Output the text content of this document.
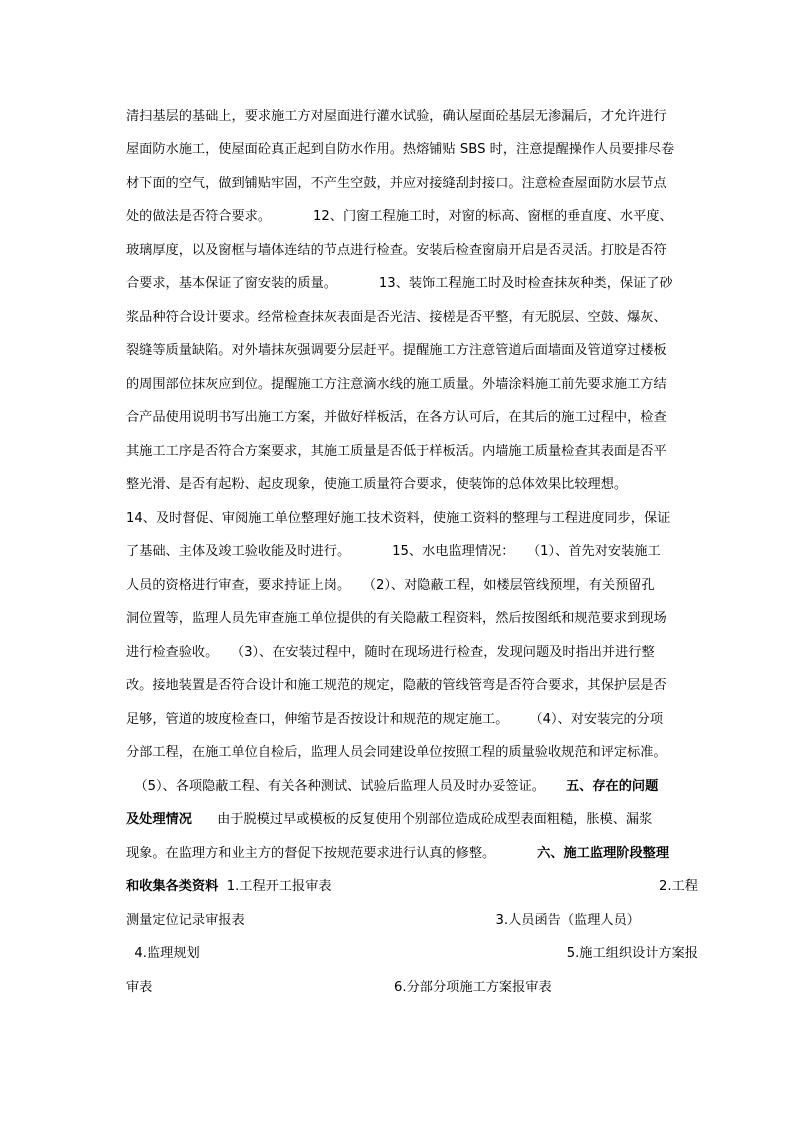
清扫基层的基础上，要求施工方对屋面进行灌水试验，确认屋面砼基层无渗漏后，才允许进行
屋面防水施工，使屋面砼真正起到自防水作用。热熔铺贴 SBS 时，注意提醒操作人员要排尽卷
材下面的空气，做到铺贴牢固，不产生空鼓，并应对接缝刮封接口。注意检查屋面防水层节点
处的做法是否符合要求。          12、门窗工程施工时，对窗的标高、窗框的垂直度、水平度、
玻璃厚度，以及窗框与墙体连结的节点进行检查。安装后检查窗扇开启是否灵活。打胶是否符
合要求，基本保证了窗安装的质量。          13、装饰工程施工时及时检查抹灰种类，保证了砂
浆品种符合设计要求。经常检查抹灰表面是否光洁、接槎是否平整，有无脱层、空鼓、爆灰、
裂缝等质量缺陷。对外墙抹灰强调要分层赶平。提醒施工方注意管道后面墙面及管道穿过楼板
的周围部位抹灰应到位。提醒施工方注意滴水线的施工质量。外墙涂料施工前先要求施工方结
合产品使用说明书写出施工方案，并做好样板活，在各方认可后，在其后的施工过程中，检查
其施工工序是否符合方案要求，其施工质量是否低于样板活。内墙施工质量检查其表面是否平
整光滑、是否有起粉、起皮现象，使施工质量符合要求，使装饰的总体效果比较理想。
14、及时督促、审阅施工单位整理好施工技术资料，使施工资料的整理与工程进度同步，保证
了基础、主体及竣工验收能及时进行。          15、水电监理情况：   （1）、首先对安装施工
人员的资格进行审查，要求持证上岗。   （2）、对隐蔽工程，如楼层管线预埋，有关预留孔
洞位置等，监理人员先审查施工单位提供的有关隐蔽工程资料，然后按图纸和规范要求到现场
进行检查验收。   （3）、在安装过程中，随时在现场进行检查，发现问题及时指出并进行整
改。接地装置是否符合设计和施工规范的规定，隐蔽的管线管弯是否符合要求，其保护层是否
足够，管道的坡度检查口，伸缩节是否按设计和规范的规定施工。     （4）、对安装完的分项
分部工程，在施工单位自检后，监理人员会同建设单位按照工程的质量验收规范和评定标准。
（5）、各项隐蔽工程、有关各种测试、试验后监理人员及时办妥签证。     五、存在的问题
及处理情况      由于脱模过早或模板的反复使用个别部位造成砼成型表面粗糙，胀模、漏浆
现象。在监理方和业主方的督促下按规范要求进行认真的修整。          六、施工监理阶段整理
和收集各类资料  1.工程开工报审表	2.工程
测量定位记录审报表	3.人员函告（监理人员）
4.监理规划	5.施工组织设计方案报
审表	6.分部分项施工方案报审表
